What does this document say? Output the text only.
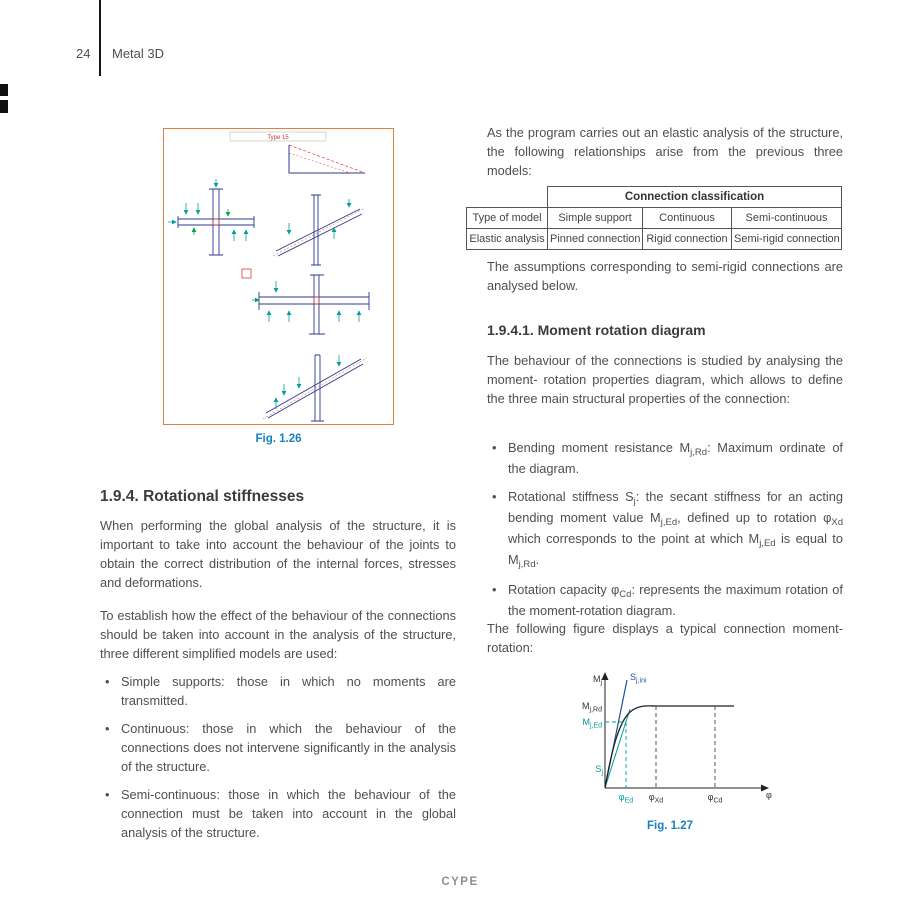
24 Metal 3D
Type 15
Fig. 1.26
1.9.4. Rotational stiffnesses
When performing the global analysis of the structure, it is important to take into account the behaviour of the joints to obtain the correct distribution of the internal forces, stresses and deformations.
To establish how the effect of the behaviour of the connections should be taken into account in the analysis of the structure, three different simplified models are used:
• Simple supports: those in which no moments are transmitted.
• Continuous: those in which the behaviour of the connections does not intervene significantly in the analysis of the structure.
• Semi-continuous: those in which the behaviour of the connection must be taken into account in the global analysis of the structure.
As the program carries out an elastic analysis of the structure, the following relationships arise from the previous three models:
	Connection classification		
Type of model	Simple support	Continuous	Semi-continuous
Elastic analysis	Pinned connection	Rigid connection	Semi-rigid connection
The assumptions corresponding to semi-rigid connections are analysed below.
1.9.4.1. Moment rotation diagram
The behaviour of the connections is studied by analysing the moment- rotation properties diagram, which allows to define the three main structural properties of the connection:
• Bending moment resistance Mj,Rd: Maximum ordinate of the diagram.
• Rotational stiffness Sj: the secant stiffness for an acting bending moment value Mj,Ed, defined up to rotation φXd which corresponds to the point at which Mj,Ed is equal to Mj,Rd.
• Rotation capacity φCd: represents the maximum rotation of the moment-rotation diagram.
The following figure displays a typical connection moment-rotation:
$M_j$
$S_{j,ini}$
$M_{j,Rd}$
$M_{j,Ed}$
$S_j$
$\varphi_{Ed}$ $\varphi_{Xd}$	$\varphi_{Cd}$
φ
Fig. 1.27
CYPE
